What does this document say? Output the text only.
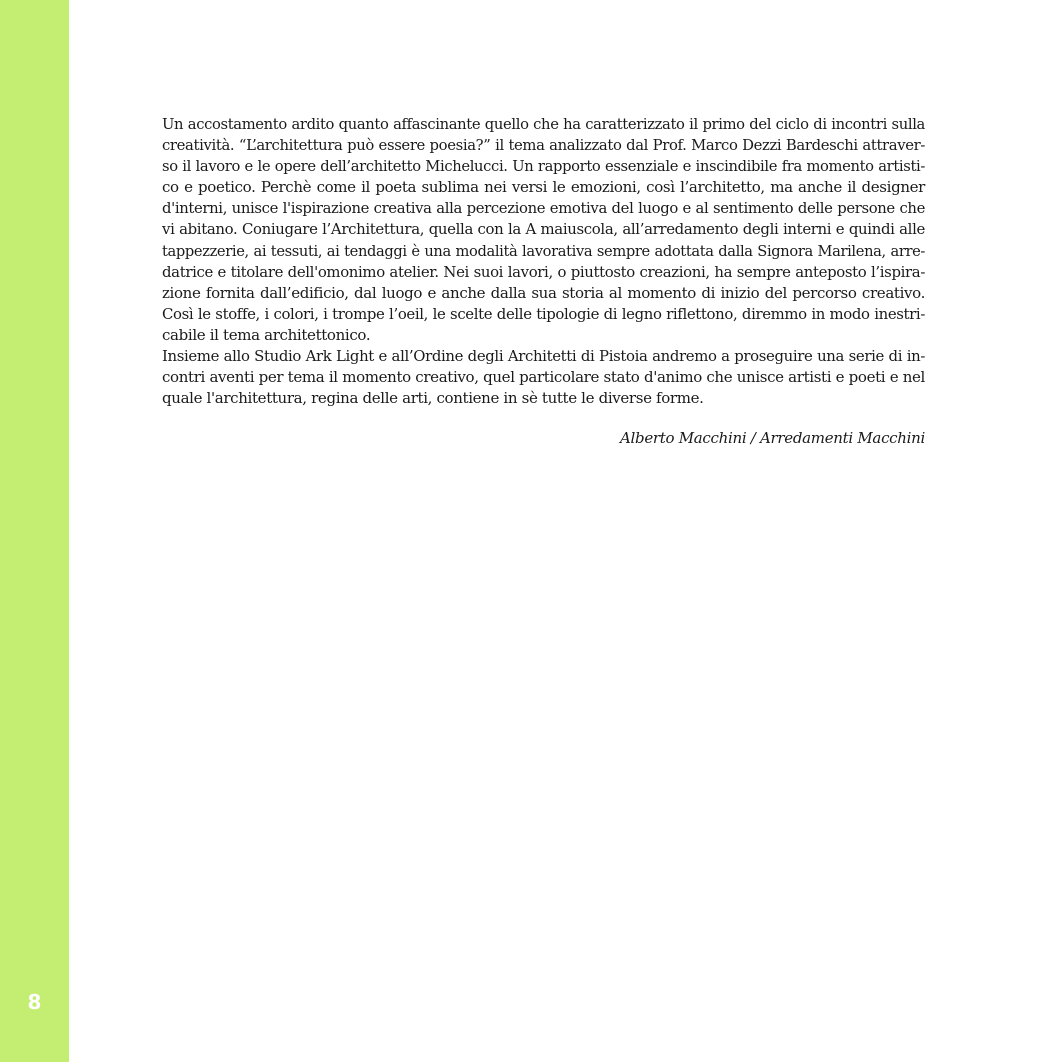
8
Un accostamento ardito quanto affascinante quello che ha caratterizzato il primo del ciclo di incontri sulla
creatività. “L’architettura può essere poesia?” il tema analizzato dal Prof. Marco Dezzi Bardeschi attraver-
so il lavoro e le opere dell’architetto Michelucci. Un rapporto essenziale e inscindibile fra momento artisti-
co e poetico. Perchè come il poeta sublima nei versi le emozioni, così l’architetto, ma anche il designer
d'interni, unisce l'ispirazione creativa alla percezione emotiva del luogo e al sentimento delle persone che
vi abitano. Coniugare l’Architettura, quella con la A maiuscola, all’arredamento degli interni e quindi alle
tappezzerie, ai tessuti, ai tendaggi è una modalità lavorativa sempre adottata dalla Signora Marilena, arre-
datrice e titolare dell'omonimo atelier. Nei suoi lavori, o piuttosto creazioni, ha sempre anteposto l’ispira-
zione fornita dall’edificio, dal luogo e anche dalla sua storia al momento di inizio del percorso creativo.
Così le stoffe, i colori, i trompe l’oeil, le scelte delle tipologie di legno riflettono, diremmo in modo inestri-
cabile il tema architettonico.
Insieme allo Studio Ark Light e all’Ordine degli Architetti di Pistoia andremo a proseguire una serie di in-
contri aventi per tema il momento creativo, quel particolare stato d'animo che unisce artisti e poeti e nel
quale l'architettura, regina delle arti, contiene in sè tutte le diverse forme.
Alberto Macchini / Arredamenti Macchini
